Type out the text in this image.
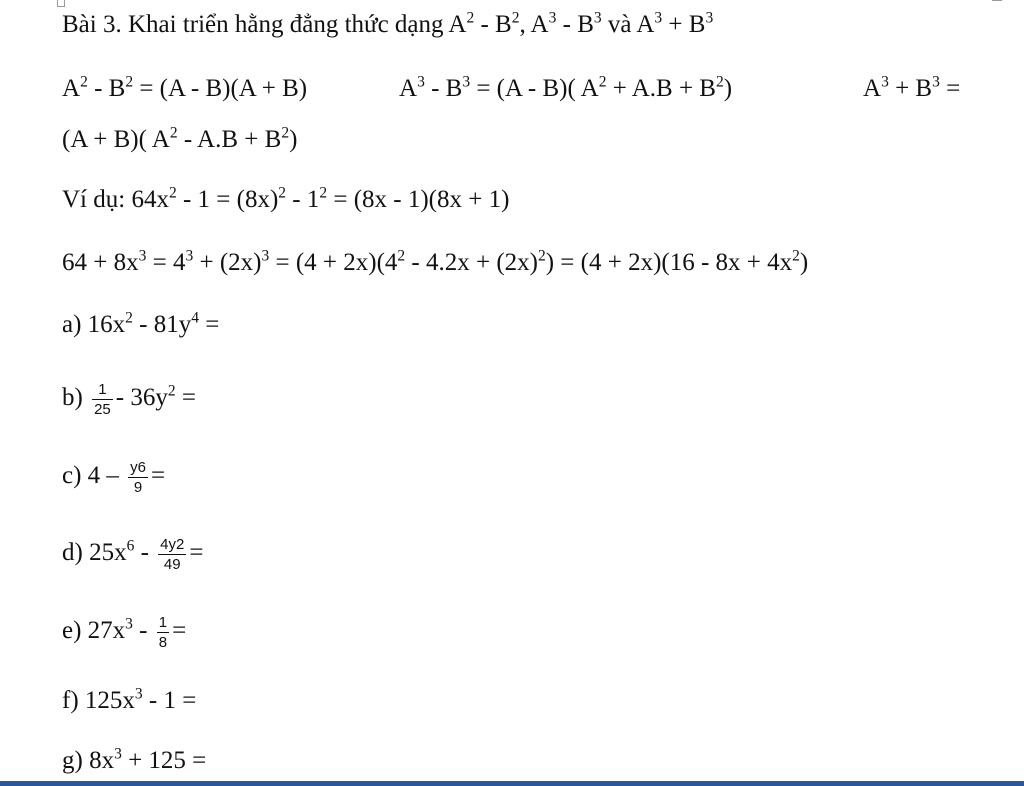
Bài 3. Khai triển hằng đẳng thức dạng $A^2 - B^2$, $A^3 - B^3$ và $A^3 + B^3$
$A^2 - B^2 = (A - B)(A + B)$	$A^3 - B^3 = (A - B)$( $A^2 + A.B + B^2$)	$A^3 + B^3$ =
(A + B)( $A^2 - A.B + B^2$)
Ví dụ: $64x^2 - 1 = (8x)^2 - 1^2 = (8x - 1)(8x + 1)$
$64 + 8x^3 = 4^3 + (2x)^3 = (4 + 2x)(4^2 - 4.2x + (2x)^2) = (4 + 2x)(16 - 8x + 4x^2)$
a) $16x^2 - 81y^4$ =
$b) \frac{1}{25} - 36y^2$ =
c) $4 - \frac{y6}{9}$ =
d) $25x^6 - \frac{4y2}{49}$ =
e) $27x^3 - \frac{1}{8}$ =
f) $125x^3 - 1$ =
g) $8x^3 + 125$ =
